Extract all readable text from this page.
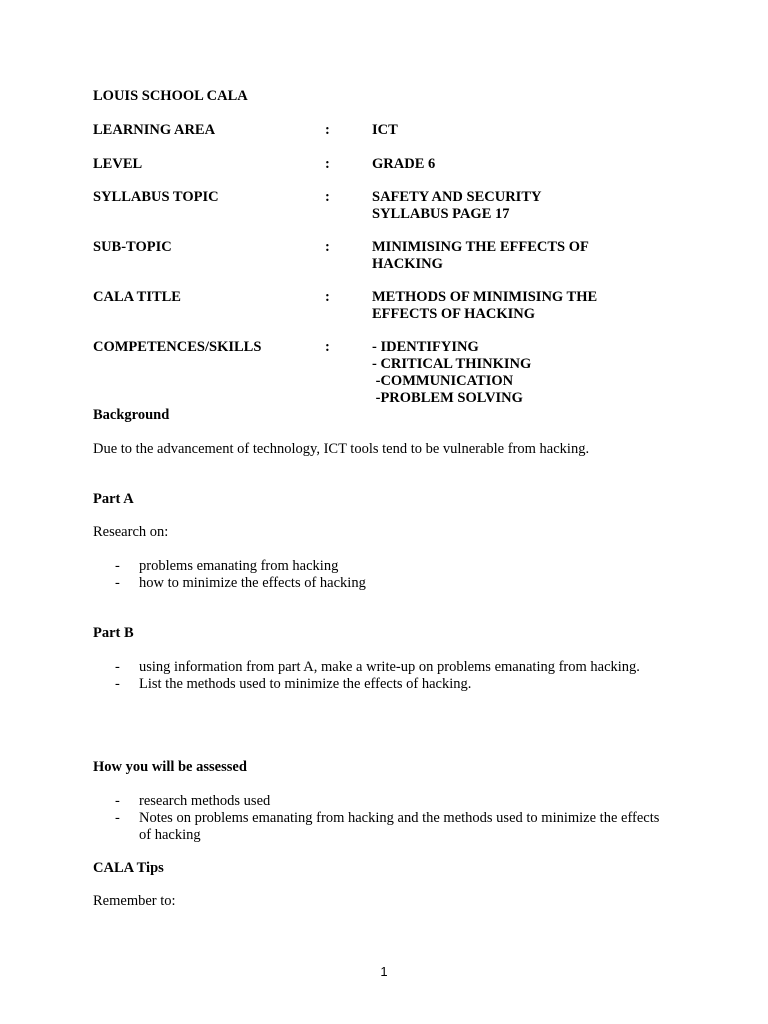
LOUIS SCHOOL CALA
LEARNING AREA	:	ICT
LEVEL	:	GRADE 6
SYLLABUS TOPIC	:	SAFETY AND SECURITY
SYLLABUS PAGE 17
SUB-TOPIC	:	MINIMISING THE EFFECTS OF
HACKING
CALA TITLE	:	METHODS OF MINIMISING THE
EFFECTS OF HACKING
COMPETENCES/SKILLS	:	- IDENTIFYING
- CRITICAL THINKING
-COMMUNICATION
-PROBLEM SOLVING
Background
Due to the advancement of technology, ICT tools tend to be vulnerable from hacking.
Part A
Research on:
- problems emanating from hacking
- how to minimize the effects of hacking
Part B
- using information from part A, make a write-up on problems emanating from hacking.
- List the methods used to minimize the effects of hacking.
How you will be assessed
- research methods used
- Notes on problems emanating from hacking and the methods used to minimize the effects of hacking
CALA Tips
Remember to:
1
